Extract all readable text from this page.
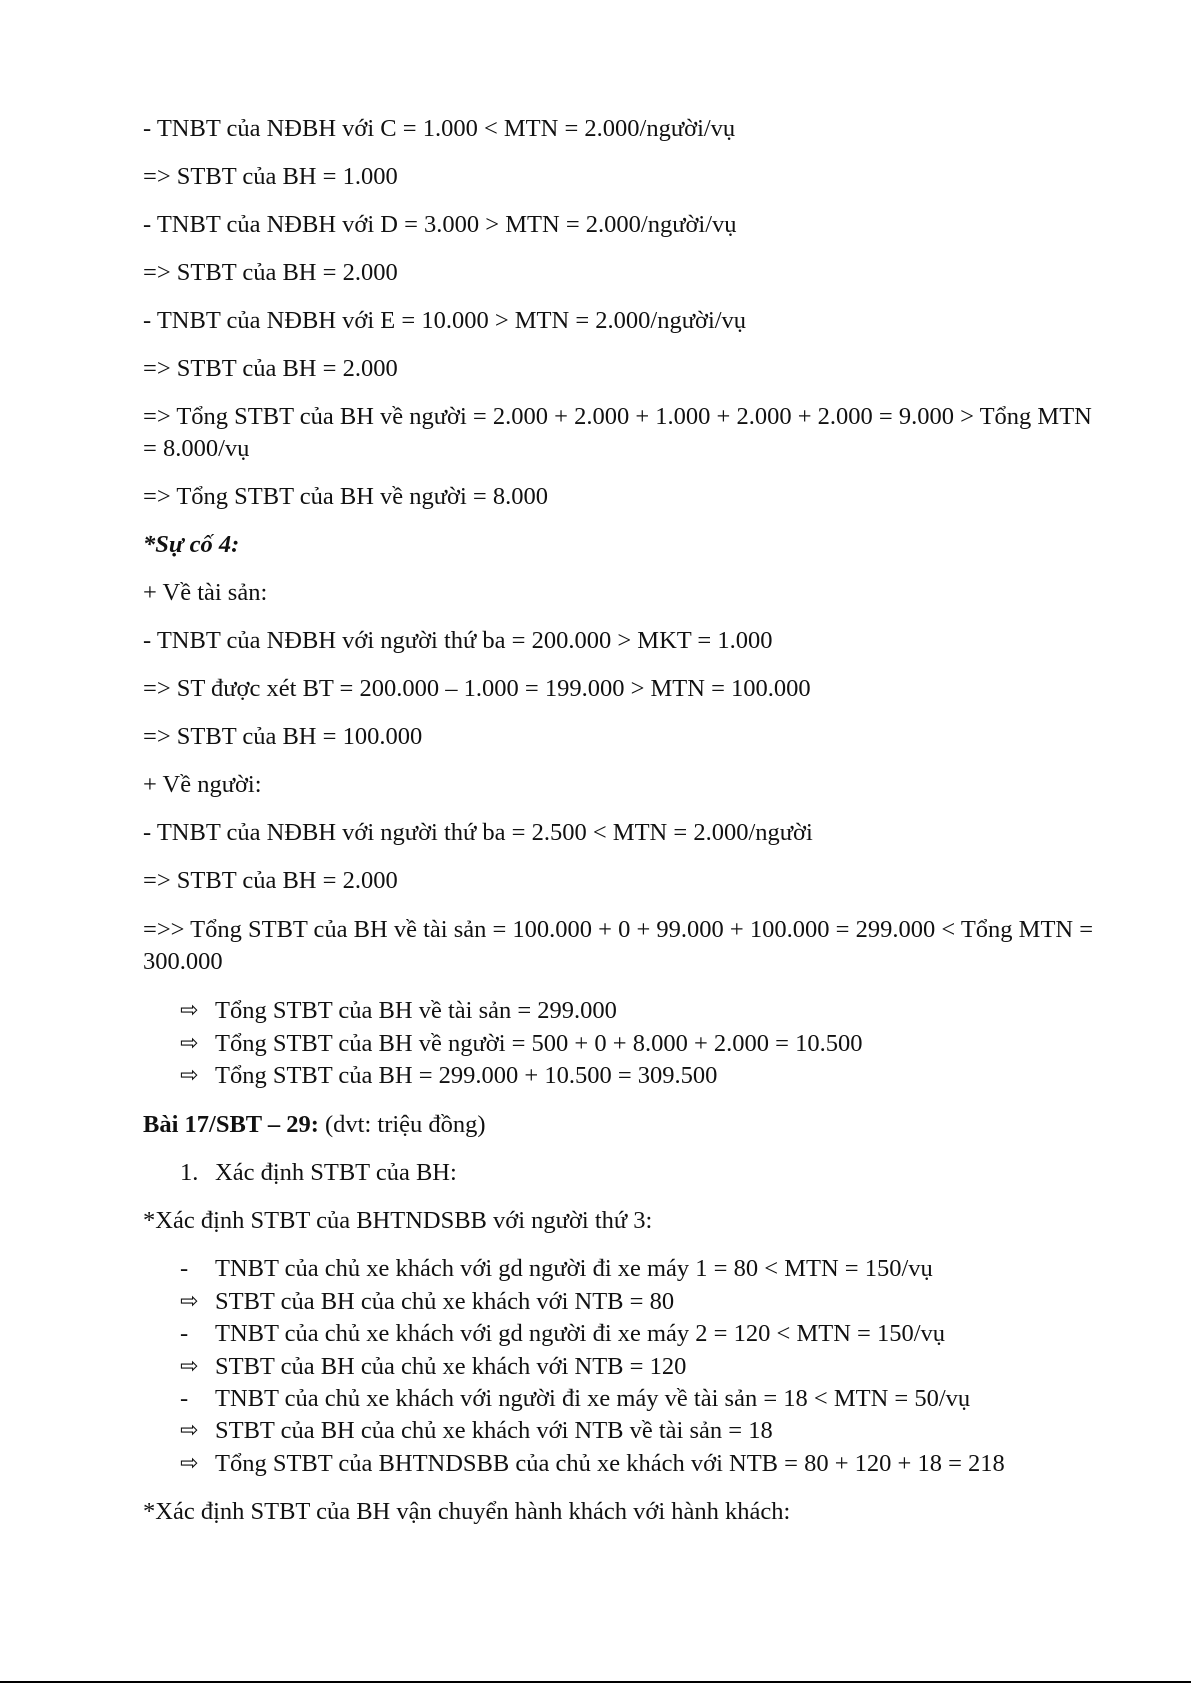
- TNBT của NĐBH với C = 1.000 < MTN = 2.000/người/vụ
=> STBT của BH = 1.000
- TNBT của NĐBH với D = 3.000 > MTN = 2.000/người/vụ
=> STBT của BH = 2.000
- TNBT của NĐBH với E = 10.000 > MTN = 2.000/người/vụ
=> STBT của BH = 2.000
=> Tổng STBT của BH về người = 2.000 + 2.000 + 1.000 + 2.000 + 2.000 = 9.000 > Tổng MTN = 8.000/vụ
=> Tổng STBT của BH về người = 8.000
*Sự cố 4:
+ Về tài sản:
- TNBT của NĐBH với người thứ ba = 200.000 > MKT = 1.000
=> ST được xét BT = 200.000 – 1.000 = 199.000 > MTN = 100.000
=> STBT của BH = 100.000
+ Về người:
- TNBT của NĐBH với người thứ ba = 2.500 < MTN = 2.000/người
=> STBT của BH = 2.000
=>> Tổng STBT của BH về tài sản = 100.000 + 0 + 99.000 + 100.000 = 299.000 < Tổng MTN = 300.000
⇨ Tổng STBT của BH về tài sản = 299.000
⇨ Tổng STBT của BH về người = 500 + 0 + 8.000 + 2.000 = 10.500
⇨ Tổng STBT của BH = 299.000 + 10.500 = 309.500
Bài 17/SBT – 29: (dvt: triệu đồng)
1. Xác định STBT của BH:
*Xác định STBT của BHTNDSBB với người thứ 3:
- TNBT của chủ xe khách với gd người đi xe máy 1 = 80 < MTN = 150/vụ
⇨ STBT của BH của chủ xe khách với NTB = 80
- TNBT của chủ xe khách với gd người đi xe máy 2 = 120 < MTN = 150/vụ
⇨ STBT của BH của chủ xe khách với NTB = 120
- TNBT của chủ xe khách với người đi xe máy về tài sản = 18 < MTN = 50/vụ
⇨ STBT của BH của chủ xe khách với NTB về tài sản = 18
⇨ Tổng STBT của BHTNDSBB của chủ xe khách với NTB = 80 + 120 + 18 = 218
*Xác định STBT của BH vận chuyển hành khách với hành khách:
